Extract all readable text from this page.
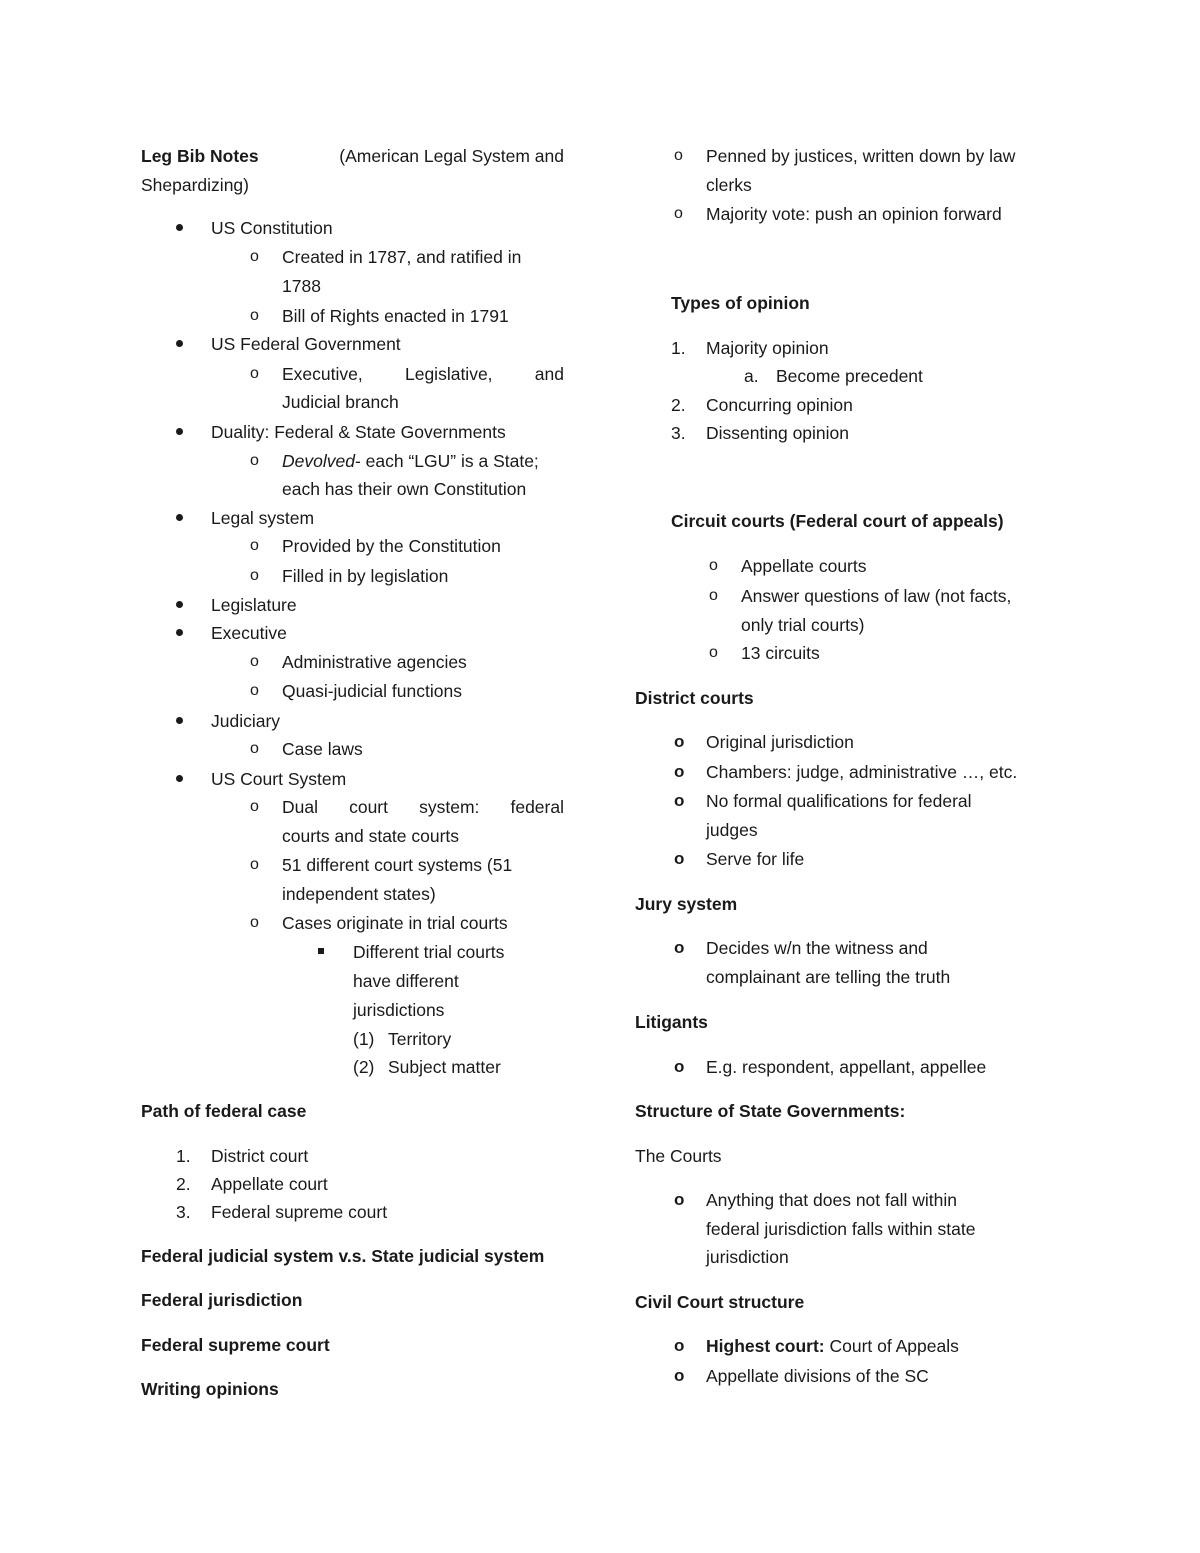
Leg Bib Notes	(American Legal System and
Shepardizing)
US Constitution
o Created in 1787, and ratified in
1788
o Bill of Rights enacted in 1791
US Federal Government
o Executive, Legislative, and
Judicial branch
Duality: Federal & State Governments
o Devolved- each “LGU” is a State;
each has their own Constitution
Legal system
o Provided by the Constitution
o Filled in by legislation
Legislature
Executive
o Administrative agencies
o Quasi-judicial functions
Judiciary
o Case laws
US Court System
o Dual court system: federal
courts and state courts
o 51 different court systems (51
independent states)
o Cases originate in trial courts
Different trial courts
have different
jurisdictions
(1) Territory
(2) Subject matter
Path of federal case
1. District court
2. Appellate court
3. Federal supreme court
Federal judicial system v.s. State judicial system
Federal jurisdiction
Federal supreme court
Writing opinions
o Penned by justices, written down by law
clerks
o Majority vote: push an opinion forward
Types of opinion
1. Majority opinion
a. Become precedent
2. Concurring opinion
3. Dissenting opinion
Circuit courts (Federal court of appeals)
o Appellate courts
o Answer questions of law (not facts,
only trial courts)
o 13 circuits
District courts
o Original jurisdiction
o Chambers: judge, administrative …, etc.
o No formal qualifications for federal
judges
o Serve for life
Jury system
o Decides w/n the witness and
complainant are telling the truth
Litigants
o E.g. respondent, appellant, appellee
Structure of State Governments:
The Courts
o Anything that does not fall within
federal jurisdiction falls within state
jurisdiction
Civil Court structure
o Highest court: Court of Appeals
o Appellate divisions of the SC
